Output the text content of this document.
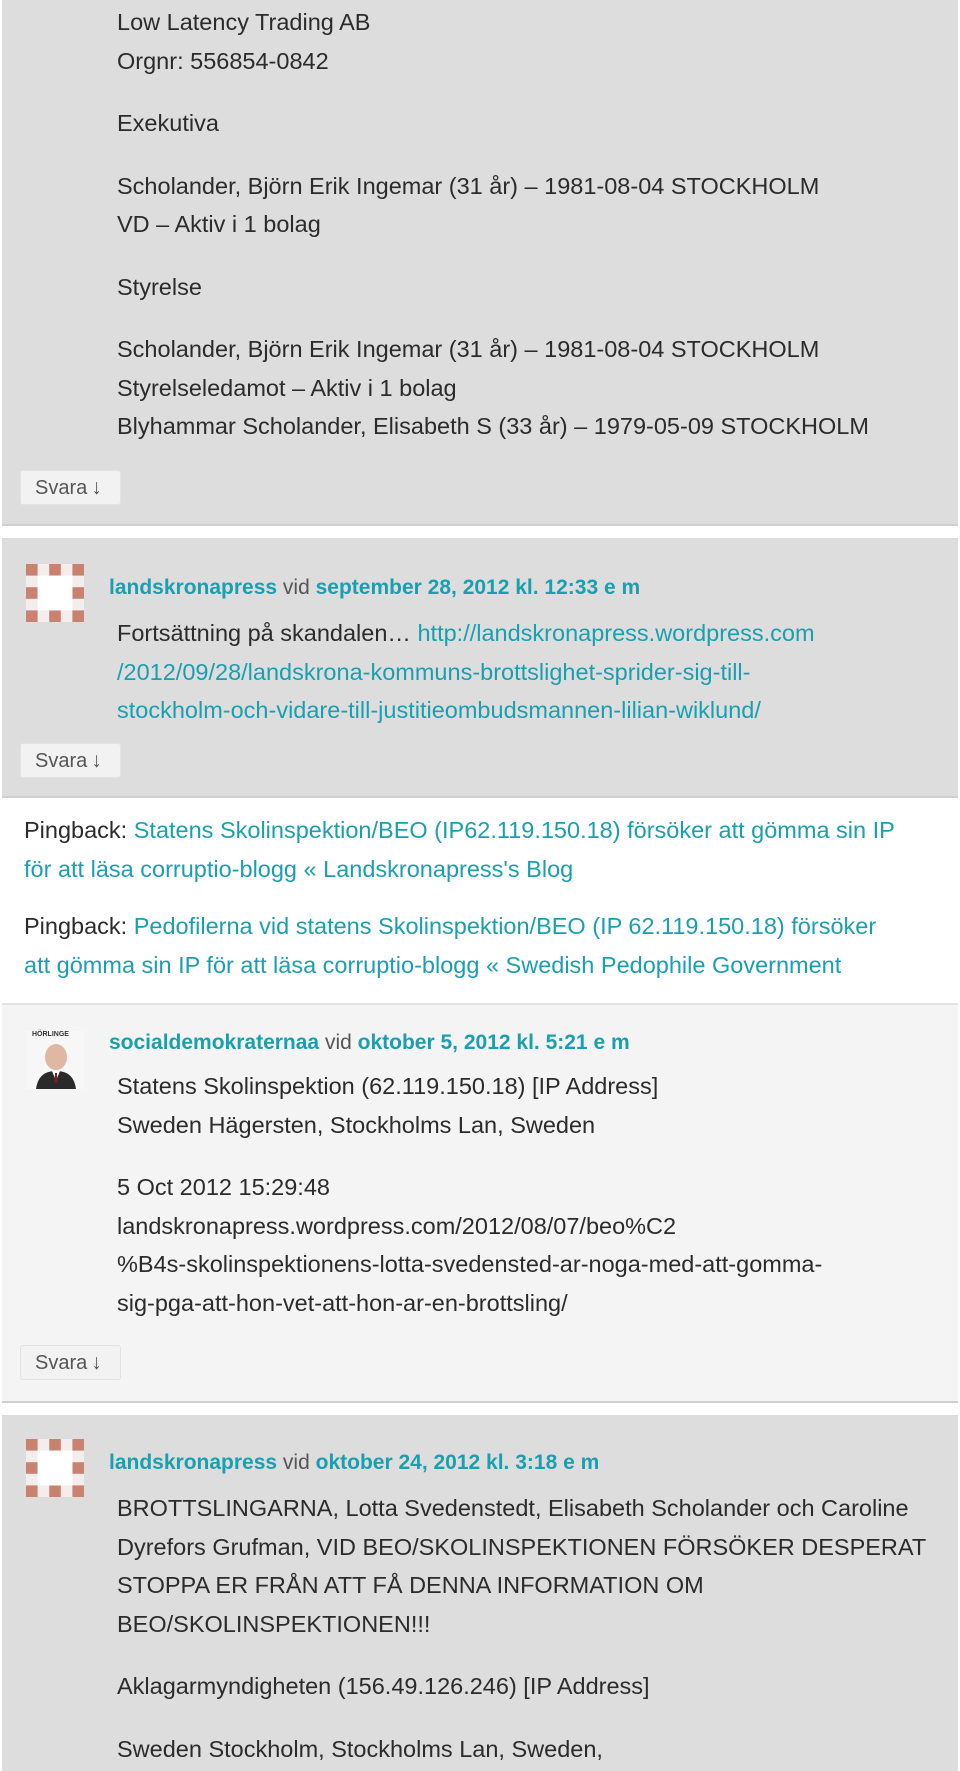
Low Latency Trading AB

Orgnr: 556854-0842

Exekutiva

Scholander, Björn Erik Ingemar (31 år) – 1981-08-04 STOCKHOLM

VD – Aktiv i 1 bolag

Styrelse

Scholander, Björn Erik Ingemar (31 år) – 1981-08-04 STOCKHOLM

Styrelseledamot – Aktiv i 1 bolag

Blyhammar Scholander, Elisabeth S (33 år) – 1979-05-09 STOCKHOLM

Svara ↓
landskronapress vid september 28, 2012 kl. 12:33 e m

Fortsättning på skandalen… http://landskronapress.wordpress.com

/2012/09/28/landskrona-kommuns-brottslighet-sprider-sig-till-

stockholm-och-vidare-till-justitieombudsmannen-lilian-wiklund/

Svara ↓
Pingback: Statens Skolinspektion/BEO (IP62.119.150.18) försöker att gömma sin IP
för att läsa corruptio-blogg « Landskronapress's Blog
Pingback: Pedofilerna vid statens Skolinspektion/BEO (IP 62.119.150.18) försöker
att gömma sin IP för att läsa corruptio-blogg « Swedish Pedophile Government
HÖRLINGE socialdemokraternaa vid oktober 5, 2012 kl. 5:21 e m

Statens Skolinspektion (62.119.150.18) [IP Address]

Sweden Hägersten, Stockholms Lan, Sweden

5 Oct 2012 15:29:48

landskronapress.wordpress.com/2012/08/07/beo%C2

%B4s-skolinspektionens-lotta-svedensted-ar-noga-med-att-gomma-

sig-pga-att-hon-vet-att-hon-ar-en-brottsling/

Svara ↓
landskronapress vid oktober 24, 2012 kl. 3:18 e m

BROTTSLINGARNA, Lotta Svedenstedt, Elisabeth Scholander och Caroline

Dyrefors Grufman, VID BEO/SKOLINSPEKTIONEN FÖRSÖKER DESPERAT

STOPPA ER FRÅN ATT FÅ DENNA INFORMATION OM

BEO/SKOLINSPEKTIONEN!!!

Aklagarmyndigheten (156.49.126.246) [IP Address]

Sweden Stockholm, Stockholms Lan, Sweden,
